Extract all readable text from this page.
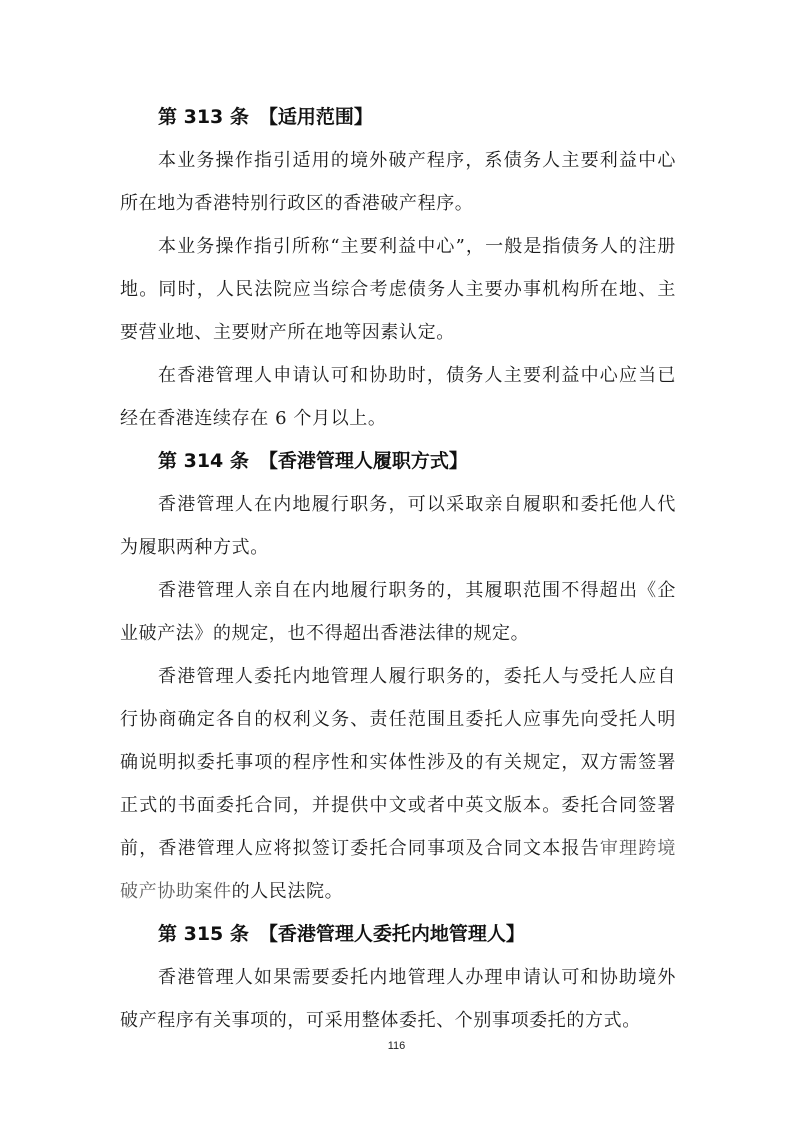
第 313 条 【适用范围】

本业务操作指引适用的境外破产程序，系债务人主要利益中心所在地为香港特别行政区的香港破产程序。

本业务操作指引所称“主要利益中心”，一般是指债务人的注册地。同时，人民法院应当综合考虑债务人主要办事机构所在地、主要营业地、主要财产所在地等因素认定。

在香港管理人申请认可和协助时，债务人主要利益中心应当已经在香港连续存在 6 个月以上。

第 314 条 【香港管理人履职方式】

香港管理人在内地履行职务，可以采取亲自履职和委托他人代为履职两种方式。

香港管理人亲自在内地履行职务的，其履职范围不得超出《企业破产法》的规定，也不得超出香港法律的规定。

香港管理人委托内地管理人履行职务的，委托人与受托人应自行协商确定各自的权利义务、责任范围且委托人应事先向受托人明确说明拟委托事项的程序性和实体性涉及的有关规定，双方需签署正式的书面委托合同，并提供中文或者中英文版本。委托合同签署前，香港管理人应将拟签订委托合同事项及合同文本报告审理跨境破产协助案件的人民法院。

第 315 条 【香港管理人委托内地管理人】

香港管理人如果需要委托内地管理人办理申请认可和协助境外破产程序有关事项的，可采用整体委托、个别事项委托的方式。

116
